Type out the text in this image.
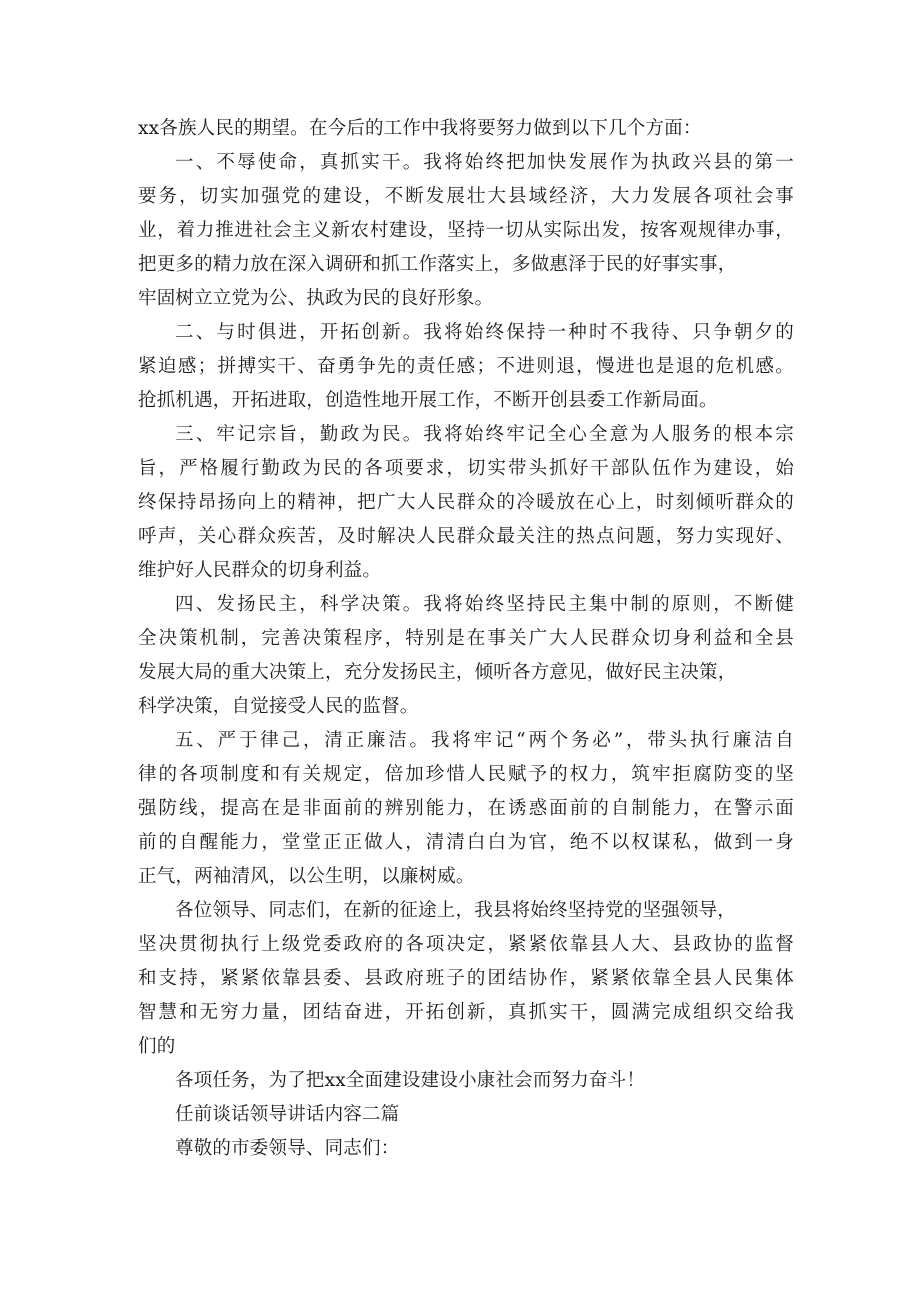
xx各族人民的期望。在今后的工作中我将要努力做到以下几个方面：
一、不辱使命，真抓实干。我将始终把加快发展作为执政兴县的第一
要务，切实加强党的建设，不断发展壮大县域经济，大力发展各项社会事
业，着力推进社会主义新农村建设，坚持一切从实际出发，按客观规律办事，
把更多的精力放在深入调研和抓工作落实上，多做惠泽于民的好事实事，
牢固树立立党为公、执政为民的良好形象。
二、与时俱进，开拓创新。我将始终保持一种时不我待、只争朝夕的
紧迫感；拼搏实干、奋勇争先的责任感；不进则退，慢进也是退的危机感。
抢抓机遇，开拓进取，创造性地开展工作，不断开创县委工作新局面。
三、牢记宗旨，勤政为民。我将始终牢记全心全意为人服务的根本宗
旨，严格履行勤政为民的各项要求，切实带头抓好干部队伍作为建设，始
终保持昂扬向上的精神，把广大人民群众的冷暖放在心上，时刻倾听群众的
呼声，关心群众疾苦，及时解决人民群众最关注的热点问题，努力实现好、
维护好人民群众的切身利益。
四、发扬民主，科学决策。我将始终坚持民主集中制的原则，不断健
全决策机制，完善决策程序，特别是在事关广大人民群众切身利益和全县
发展大局的重大决策上，充分发扬民主，倾听各方意见，做好民主决策，
科学决策，自觉接受人民的监督。
五、严于律己，清正廉洁。我将牢记“两个务必”，带头执行廉洁自
律的各项制度和有关规定，倍加珍惜人民赋予的权力，筑牢拒腐防变的坚
强防线，提高在是非面前的辨别能力，在诱惑面前的自制能力，在警示面
前的自醒能力，堂堂正正做人，清清白白为官，绝不以权谋私，做到一身
正气，两袖清风，以公生明，以廉树威。
各位领导、同志们，在新的征途上，我县将始终坚持党的坚强领导，
坚决贯彻执行上级党委政府的各项决定，紧紧依靠县人大、县政协的监督
和支持，紧紧依靠县委、县政府班子的团结协作，紧紧依靠全县人民集体
智慧和无穷力量，团结奋进，开拓创新，真抓实干，圆满完成组织交给我
们的
各项任务，为了把xx全面建设建设小康社会而努力奋斗！
任前谈话领导讲话内容二篇
尊敬的市委领导、同志们：
